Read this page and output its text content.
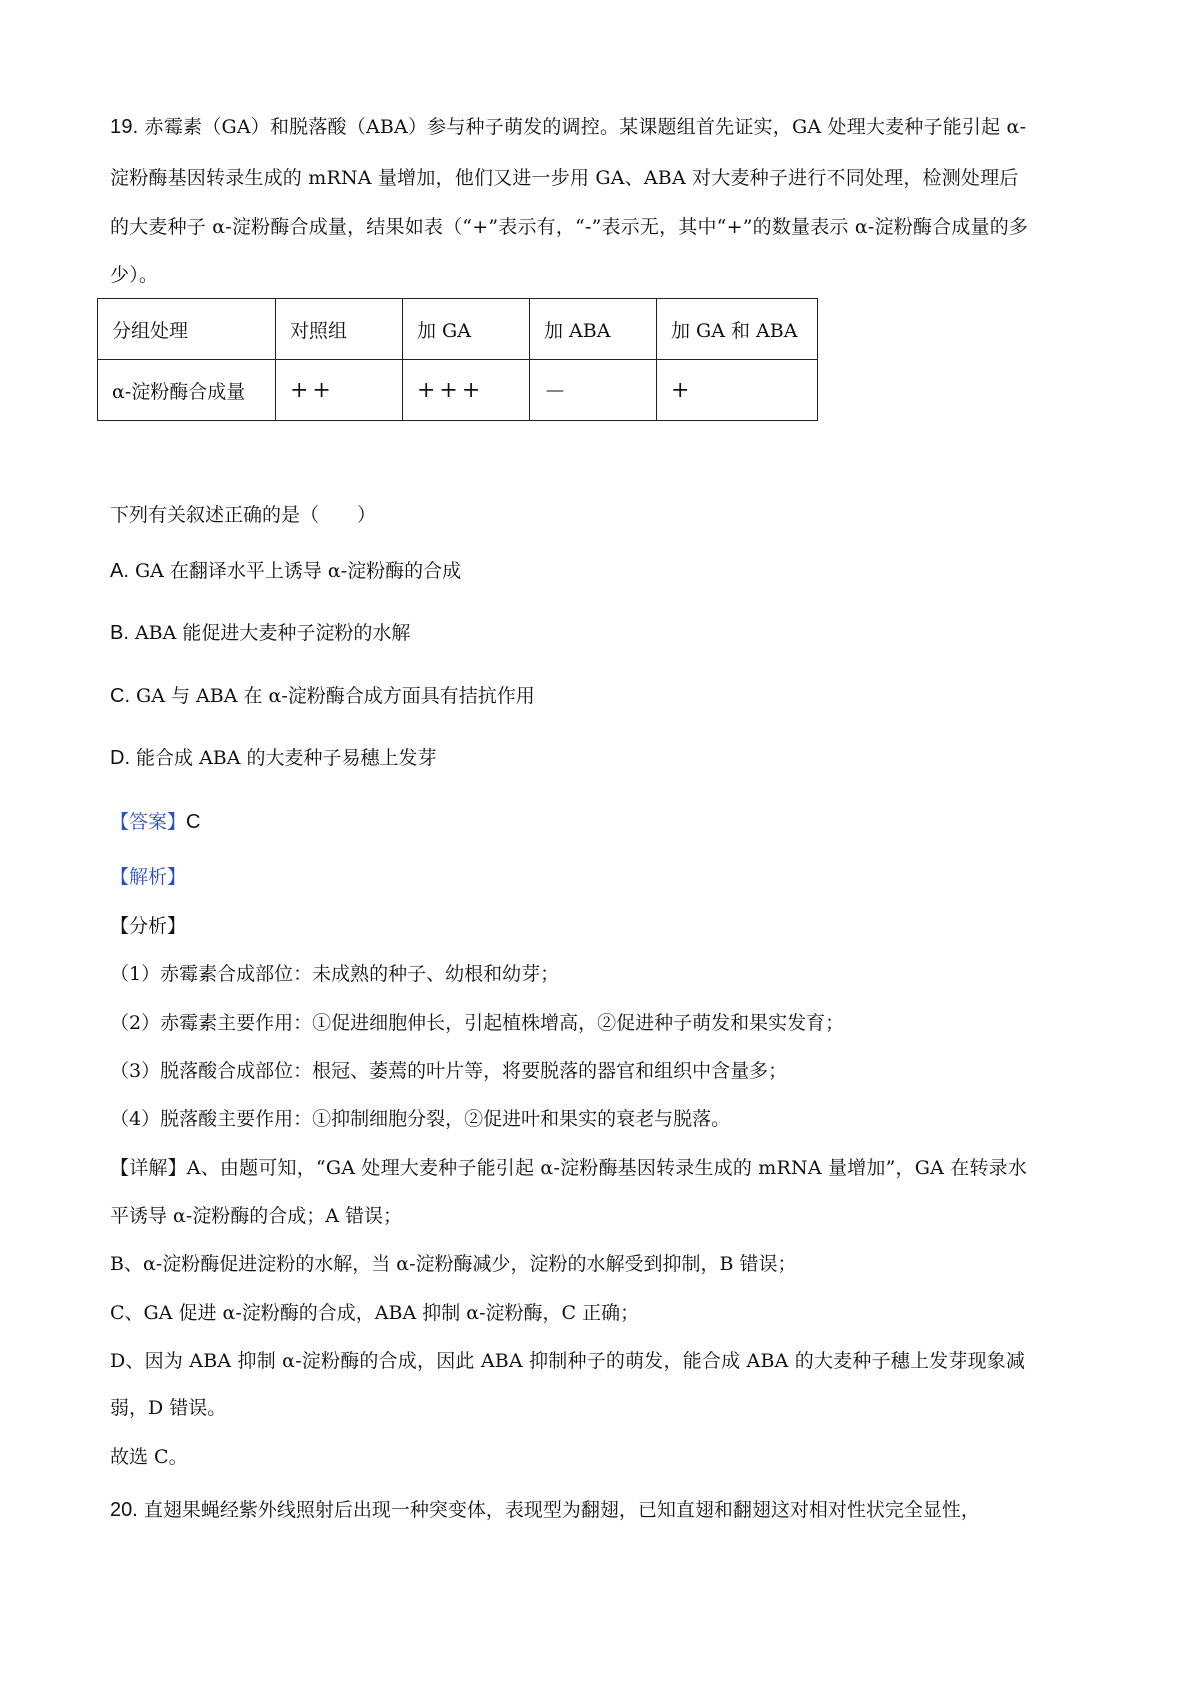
19. 赤霉素（GA）和脱落酸（ABA）参与种子萌发的调控。某课题组首先证实，GA 处理大麦种子能引起 α-
淀粉酶基因转录生成的 mRNA 量增加，他们又进一步用 GA、ABA 对大麦种子进行不同处理，检测处理后
的大麦种子 α-淀粉酶合成量，结果如表（“+”表示有，“-”表示无，其中“+”的数量表示 α-淀粉酶合成量的多
少）。
分组处理	对照组	加 GA	加 ABA	加 GA 和 ABA
α-淀粉酶合成量	++	+++	－	+
下列有关叙述正确的是（　　）
A. GA 在翻译水平上诱导 α-淀粉酶的合成
B. ABA 能促进大麦种子淀粉的水解
C. GA 与 ABA 在 α-淀粉酶合成方面具有拮抗作用
D. 能合成 ABA 的大麦种子易穗上发芽
【答案】C
【解析】
【分析】
（1）赤霉素合成部位：未成熟的种子、幼根和幼芽；
（2）赤霉素主要作用：①促进细胞伸长，引起植株增高，②促进种子萌发和果实发育；
（3）脱落酸合成部位：根冠、萎蔫的叶片等，将要脱落的器官和组织中含量多；
（4）脱落酸主要作用：①抑制细胞分裂，②促进叶和果实的衰老与脱落。
【详解】A、由题可知，“GA 处理大麦种子能引起 α-淀粉酶基因转录生成的 mRNA 量增加”，GA 在转录水
平诱导 α-淀粉酶的合成；A 错误；
B、α-淀粉酶促进淀粉的水解，当 α-淀粉酶减少，淀粉的水解受到抑制，B 错误；
C、GA 促进 α-淀粉酶的合成，ABA 抑制 α-淀粉酶，C 正确；
D、因为 ABA 抑制 α-淀粉酶的合成，因此 ABA 抑制种子的萌发，能合成 ABA 的大麦种子穗上发芽现象减
弱，D 错误。
故选 C。
20. 直翅果蝇经紫外线照射后出现一种突变体，表现型为翻翅，已知直翅和翻翅这对相对性状完全显性，
